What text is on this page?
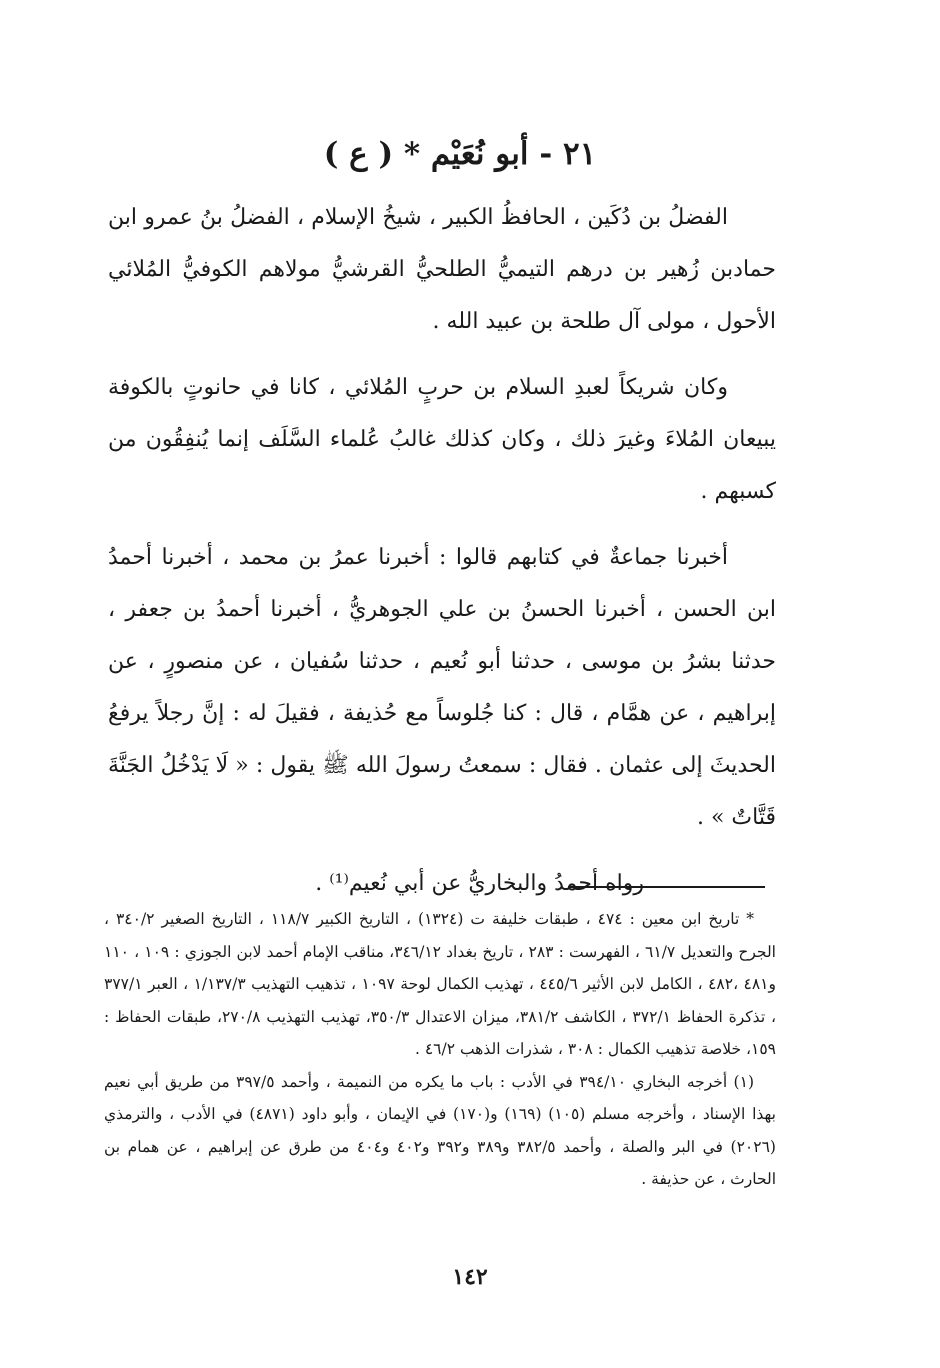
٢١ - أبو نُعَيْم * ( ع )

الفضلُ بن دُكَين ، الحافظُ الكبير ، شيخُ الإسلام ، الفضلُ بنُ عمرو ابن حمادبن زُهير بن درهم التيميُّ الطلحيُّ القرشيُّ مولاهم الكوفيُّ المُلائي الأحول ، مولى آل طلحة بن عبيد الله .

وكان شريكاً لعبدِ السلام بن حربٍ المُلائي ، كانا في حانوتٍ بالكوفة يبيعان المُلاءَ وغيرَ ذلك ، وكان كذلك غالبُ عُلماء السَّلَف إنما يُنفِقُون من كسبهم .

أخبرنا جماعةٌ في كتابهم قالوا : أخبرنا عمرُ بن محمد ، أخبرنا أحمدُ ابن الحسن ، أخبرنا الحسنُ بن علي الجوهريُّ ، أخبرنا أحمدُ بن جعفر ، حدثنا بشرُ بن موسى ، حدثنا أبو نُعيم ، حدثنا سُفيان ، عن منصورٍ ، عن إبراهيم ، عن همَّام ، قال : كنا جُلوساً مع حُذيفة ، فقيلَ له : إنَّ رجلاً يرفعُ الحديثَ إلى عثمان . فقال : سمعتُ رسولَ الله ﷺ يقول : « لَا يَدْخُلُ الجَنَّةَ قَتَّاتٌ » .

رواه أحمدُ والبخاريُّ عن أبي نُعيم⁽¹⁾ .

* تاريخ ابن معين : ٤٧٤ ، طبقات خليفة ت (١٣٢٤) ، التاريخ الكبير ١١٨/٧ ، التاريخ الصغير ٣٤٠/٢ ، الجرح والتعديل ٦١/٧ ، الفهرست : ٢٨٣ ، تاريخ بغداد ٣٤٦/١٢، مناقب الإمام أحمد لابن الجوزي : ١٠٩ ، ١١٠ و٤٨١ ،٤٨٢ ، الكامل لابن الأثير ٤٤٥/٦ ، تهذيب الكمال لوحة ١٠٩٧ ، تذهيب التهذيب ١/١٣٧/٣ ، العبر ٣٧٧/١ ، تذكرة الحفاظ ٣٧٢/١ ، الكاشف ٣٨١/٢، ميزان الاعتدال ٣٥٠/٣، تهذيب التهذيب ٢٧٠/٨، طبقات الحفاظ : ١٥٩، خلاصة تذهيب الكمال : ٣٠٨ ، شذرات الذهب ٤٦/٢ .

(١) أخرجه البخاري ٣٩٤/١٠ في الأدب : باب ما يكره من النميمة ، وأحمد ٣٩٧/٥ من طريق أبي نعيم بهذا الإسناد ، وأخرجه مسلم (١٠٥) (١٦٩) و(١٧٠) في الإيمان ، وأبو داود (٤٨٧١) في الأدب ، والترمذي (٢٠٢٦) في البر والصلة ، وأحمد ٣٨٢/٥ و٣٨٩ و٣٩٢ و٤٠٢ و٤٠٤ من طرق عن إبراهيم ، عن همام بن الحارث ، عن حذيفة .

١٤٢
